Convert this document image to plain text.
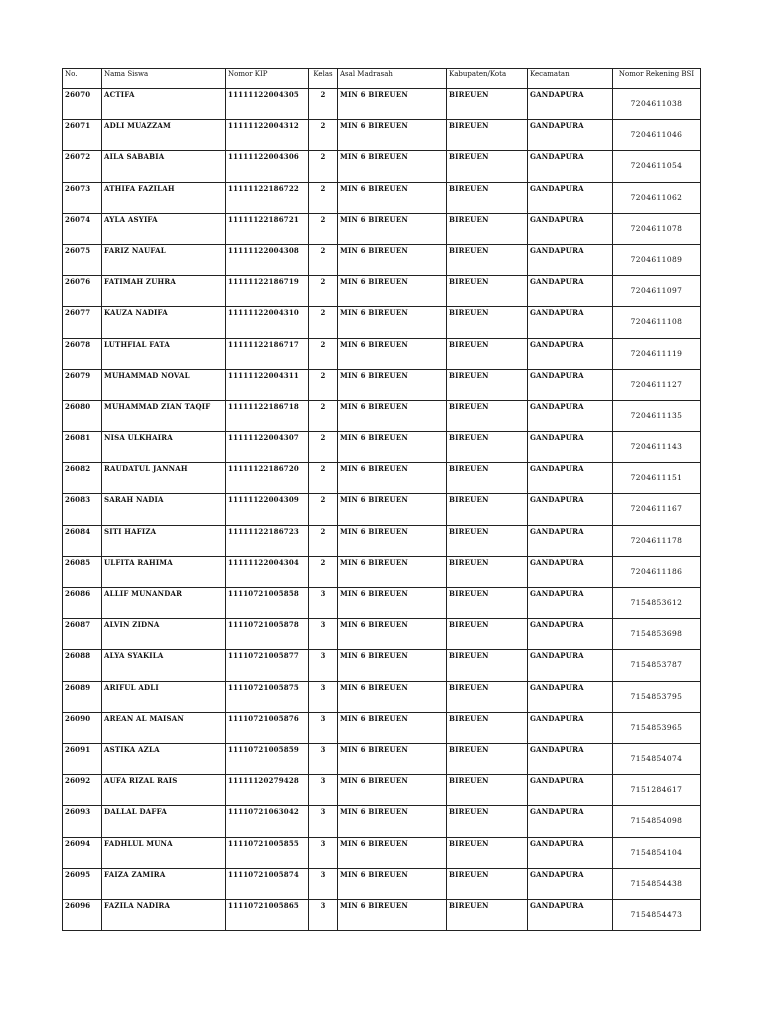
No.	Nama Siswa	Nomor KIP	Kelas	Asal Madrasah	Kabupaten/Kota	Kecamatan	Nomor Rekening BSI
26070	ACTIFA	11111122004305	2	MIN 6 BIREUEN	BIREUEN	GANDAPURA	7204611038
26071	ADLI MUAZZAM	11111122004312	2	MIN 6 BIREUEN	BIREUEN	GANDAPURA	7204611046
26072	AILA SABABIA	11111122004306	2	MIN 6 BIREUEN	BIREUEN	GANDAPURA	7204611054
26073	ATHIFA FAZILAH	11111122186722	2	MIN 6 BIREUEN	BIREUEN	GANDAPURA	7204611062
26074	AYLA ASYIFA	11111122186721	2	MIN 6 BIREUEN	BIREUEN	GANDAPURA	7204611078
26075	FARIZ NAUFAL	11111122004308	2	MIN 6 BIREUEN	BIREUEN	GANDAPURA	7204611089
26076	FATIMAH ZUHRA	11111122186719	2	MIN 6 BIREUEN	BIREUEN	GANDAPURA	7204611097
26077	KAUZA NADIFA	11111122004310	2	MIN 6 BIREUEN	BIREUEN	GANDAPURA	7204611108
26078	LUTHFIAL FATA	11111122186717	2	MIN 6 BIREUEN	BIREUEN	GANDAPURA	7204611119
26079	MUHAMMAD NOVAL	11111122004311	2	MIN 6 BIREUEN	BIREUEN	GANDAPURA	7204611127
26080	MUHAMMAD ZIAN TAQIF	11111122186718	2	MIN 6 BIREUEN	BIREUEN	GANDAPURA	7204611135
26081	NISA ULKHAIRA	11111122004307	2	MIN 6 BIREUEN	BIREUEN	GANDAPURA	7204611143
26082	RAUDATUL JANNAH	11111122186720	2	MIN 6 BIREUEN	BIREUEN	GANDAPURA	7204611151
26083	SARAH NADIA	11111122004309	2	MIN 6 BIREUEN	BIREUEN	GANDAPURA	7204611167
26084	SITI HAFIZA	11111122186723	2	MIN 6 BIREUEN	BIREUEN	GANDAPURA	7204611178
26085	ULFITA RAHIMA	11111122004304	2	MIN 6 BIREUEN	BIREUEN	GANDAPURA	7204611186
26086	ALLIF MUNANDAR	11110721005858	3	MIN 6 BIREUEN	BIREUEN	GANDAPURA	7154853612
26087	ALVIN ZIDNA	11110721005878	3	MIN 6 BIREUEN	BIREUEN	GANDAPURA	7154853698
26088	ALYA SYAKILA	11110721005877	3	MIN 6 BIREUEN	BIREUEN	GANDAPURA	7154853787
26089	ARIFUL ADLI	11110721005875	3	MIN 6 BIREUEN	BIREUEN	GANDAPURA	7154853795
26090	AREAN AL MAISAN	11110721005876	3	MIN 6 BIREUEN	BIREUEN	GANDAPURA	7154853965
26091	ASTIKA AZLA	11110721005859	3	MIN 6 BIREUEN	BIREUEN	GANDAPURA	7154854074
26092	AUFA RIZAL RAIS	11111120279428	3	MIN 6 BIREUEN	BIREUEN	GANDAPURA	7151284617
26093	DALLAL DAFFA	11110721063042	3	MIN 6 BIREUEN	BIREUEN	GANDAPURA	7154854098
26094	FADHLUL MUNA	11110721005855	3	MIN 6 BIREUEN	BIREUEN	GANDAPURA	7154854104
26095	FAIZA ZAMIRA	11110721005874	3	MIN 6 BIREUEN	BIREUEN	GANDAPURA	7154854438
26096	FAZILA NADIRA	11110721005865	3	MIN 6 BIREUEN	BIREUEN	GANDAPURA	7154854473
